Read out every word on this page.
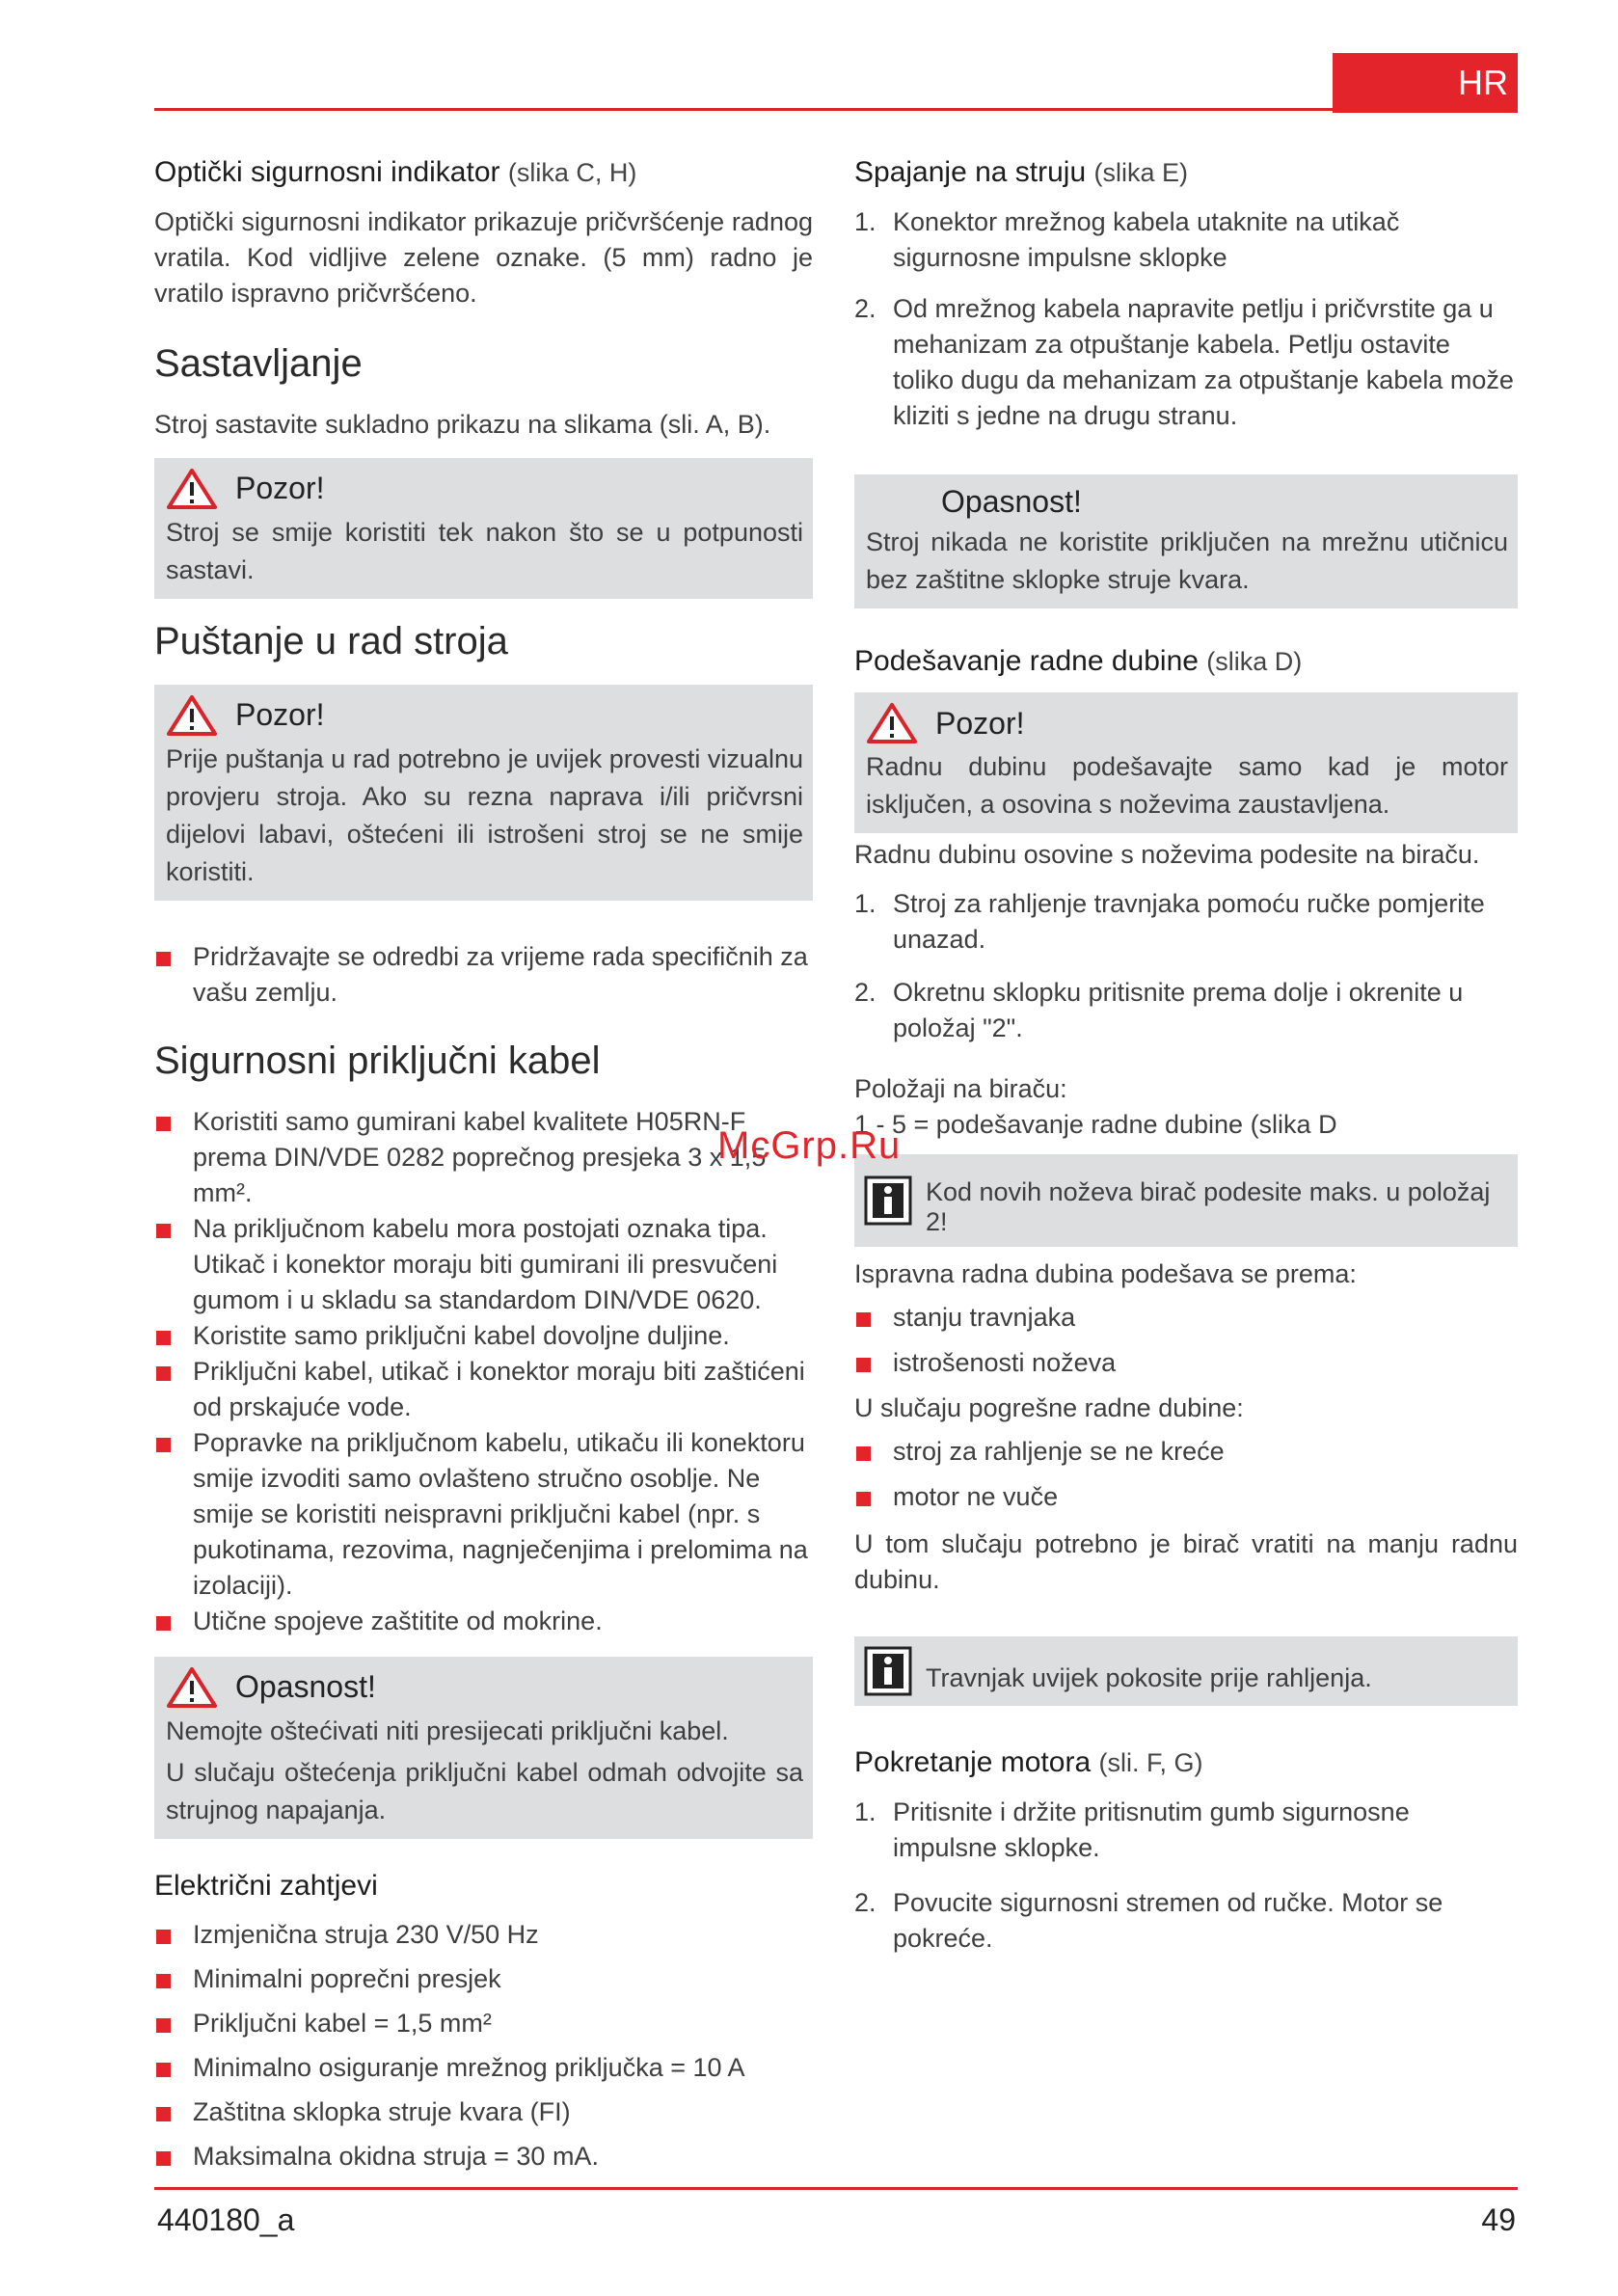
HR

Optički sigurnosni indikator (slika C, H)

Optički sigurnosni indikator prikazuje pričvršćenje radnog vratila. Kod vidljive zelene oznake. (5 mm) radno je vratilo ispravno pričvršćeno.

Sastavljanje

Stroj sastavite sukladno prikazu na slikama (sli. A, B).

Pozor!

Stroj se smije koristiti tek nakon što se u potpunosti sastavi.

Puštanje u rad stroja

Pozor!

Prije puštanja u rad potrebno je uvijek provesti vizualnu provjeru stroja. Ako su rezna naprava i/ili pričvrsni dijelovi labavi, oštećeni ili istrošeni stroj se ne smije koristiti.

Pridržavajte se odredbi za vrijeme rada specifičnih za vašu zemlju.

Sigurnosni priključni kabel

Koristiti samo gumirani kabel kvalitete H05RN-F prema DIN/VDE 0282 poprečnog presjeka 3 x 1,5 mm².
Na priključnom kabelu mora postojati oznaka tipa. Utikač i konektor moraju biti gumirani ili presvučeni gumom i u skladu sa standardom DIN/VDE 0620.
Koristite samo priključni kabel dovoljne duljine.
Priključni kabel, utikač i konektor moraju biti zaštićeni od prskajuće vode.
Popravke na priključnom kabelu, utikaču ili konektoru smije izvoditi samo ovlašteno stručno osoblje. Ne smije se koristiti neispravni priključni kabel (npr. s pukotinama, rezovima, nagnječenjima i prelomima na izolaciji).
Utične spojeve zaštitite od mokrine.
Opasnost!

Nemojte oštećivati niti presijecati priključni kabel.

U slučaju oštećenja priključni kabel odmah odvojite sa strujnog napajanja.

Električni zahtjevi

Izmjenična struja 230 V/50 Hz
Minimalni poprečni presjek
Priključni kabel = 1,5 mm²
Minimalno osiguranje mrežnog priključka = 10 A
Zaštitna sklopka struje kvara (FI)
Maksimalna okidna struja = 30 mA.

Spajanje na struju (slika E)

1. Konektor mrežnog kabela utaknite na utikač sigurnosne impulsne sklopke
2. Od mrežnog kabela napravite petlju i pričvrstite ga u mehanizam za otpuštanje kabela. Petlju ostavite toliko dugu da mehanizam za otpuštanje kabela može kliziti s jedne na drugu stranu.
Opasnost!

Stroj nikada ne koristite priključen na mrežnu utičnicu bez zaštitne sklopke struje kvara.

Podešavanje radne dubine (slika D)

Pozor!

Radnu dubinu podešavajte samo kad je motor isključen, a osovina s noževima zaustavljena.

Radnu dubinu osovine s noževima podesite na biraču.

1. Stroj za rahljenje travnjaka pomoću ručke pomjerite unazad.
2. Okretnu sklopku pritisnite prema dolje i okrenite u položaj "2".

Položaji na biraču:

1 - 5 = podešavanje radne dubine (slika D

Kod novih noževa birač podesite maks. u položaj 2!

Ispravna radna dubina podešava se prema:

stanju travnjaka
istrošenosti noževa

U slučaju pogrešne radne dubine:

stroj za rahljenje se ne kreće
motor ne vuče

U tom slučaju potrebno je birač vratiti na manju radnu dubinu.

Travnjak uvijek pokosite prije rahljenja.

Pokretanje motora (sli. F, G)

1. Pritisnite i držite pritisnutim gumb sigurnosne impulsne sklopke.
2. Povucite sigurnosni stremen od ručke. Motor se pokreće.
McGrp.Ru
440180_a	49
